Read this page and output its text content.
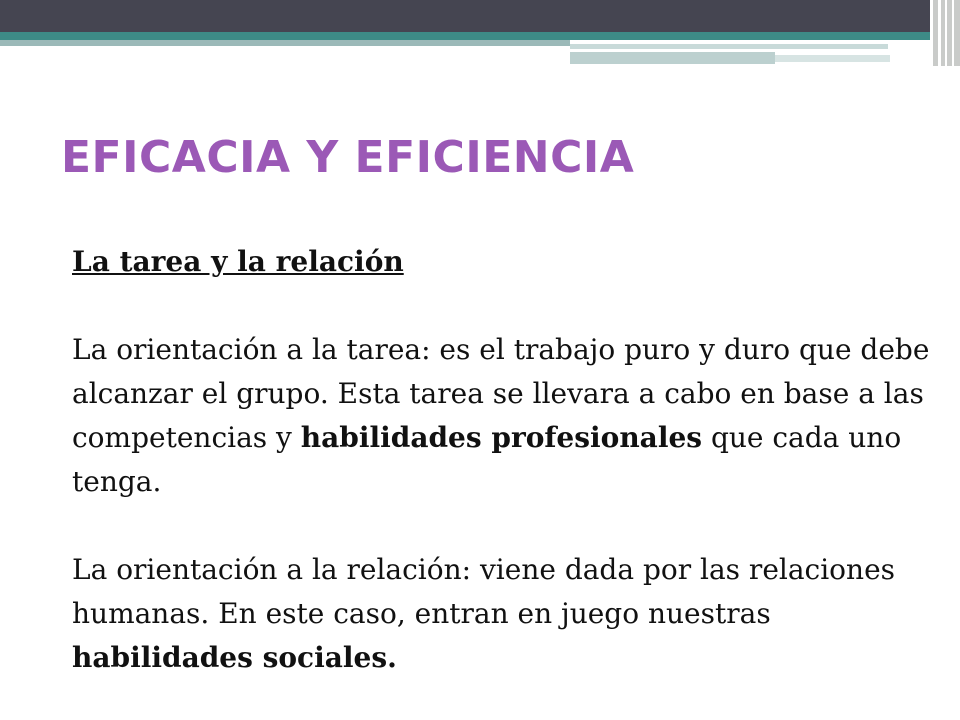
EFICACIA Y EFICIENCIA

La tarea y la relación

La orientación a la tarea: es el trabajo puro y duro que debe alcanzar el grupo. Esta tarea se llevara a cabo en base a las competencias y habilidades profesionales que cada uno tenga.

La orientación a la relación: viene dada por las relaciones humanas. En este caso, entran en juego nuestras habilidades sociales.
